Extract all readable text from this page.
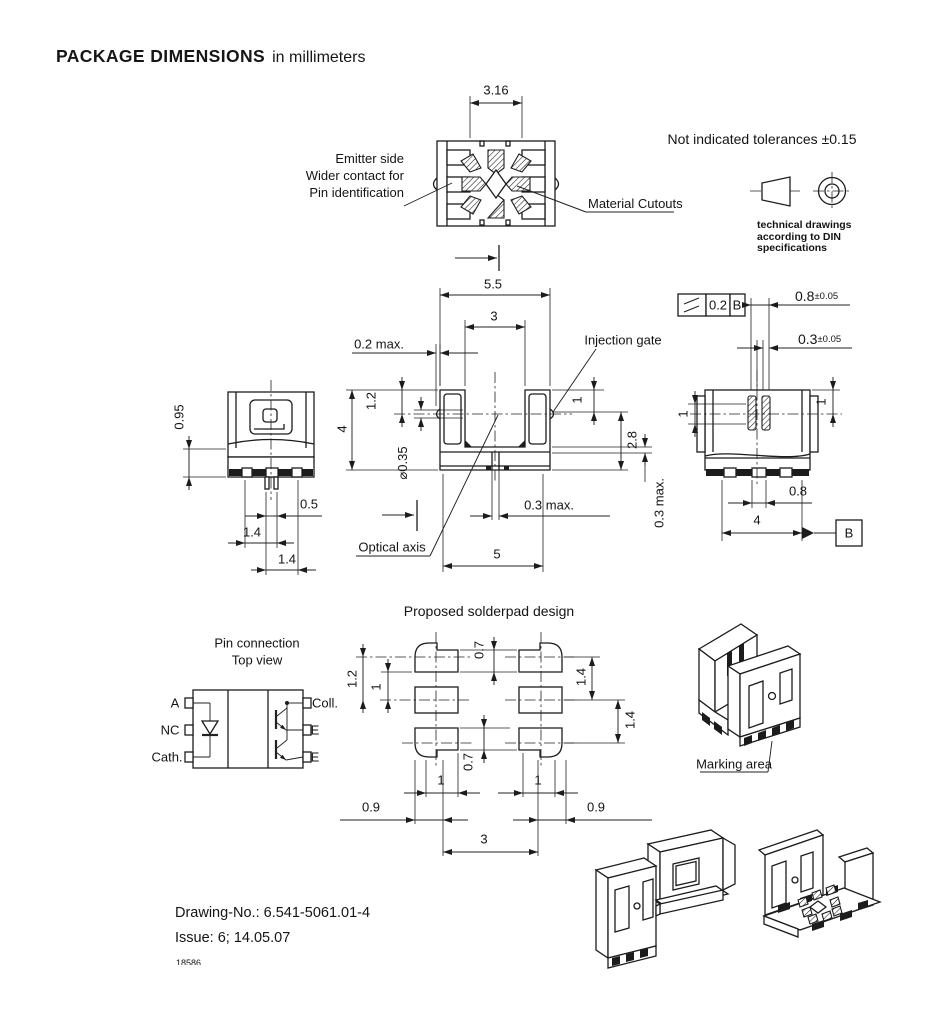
PACKAGE DIMENSIONS in millimeters
Not indicated tolerances ±0.15
technical drawings
according to DIN
specifications
3.16
Emitter side
Wider contact for
Pin identification
Material Cutouts
0.95
0.5
1.4
1.4
5.5
3
0.2 max.
1.2
4
⌀0.35
Injection gate
1
2.8
0.3 max.
0.3 max.
5
Optical axis
0.2 B
0.8 ±0.05
0.3 ±0.05
1
1
0.8
4
B
Proposed solderpad design
1.2 1
0.7
1.4
1.4
0.7
1	1
0.9	0.9
3
Pin connection
Top view
A
NC
Cath.
Coll.
E
E	Marking area
Drawing-No.: 6.541-5061.01-4
Issue: 6; 14.05.07
18586
